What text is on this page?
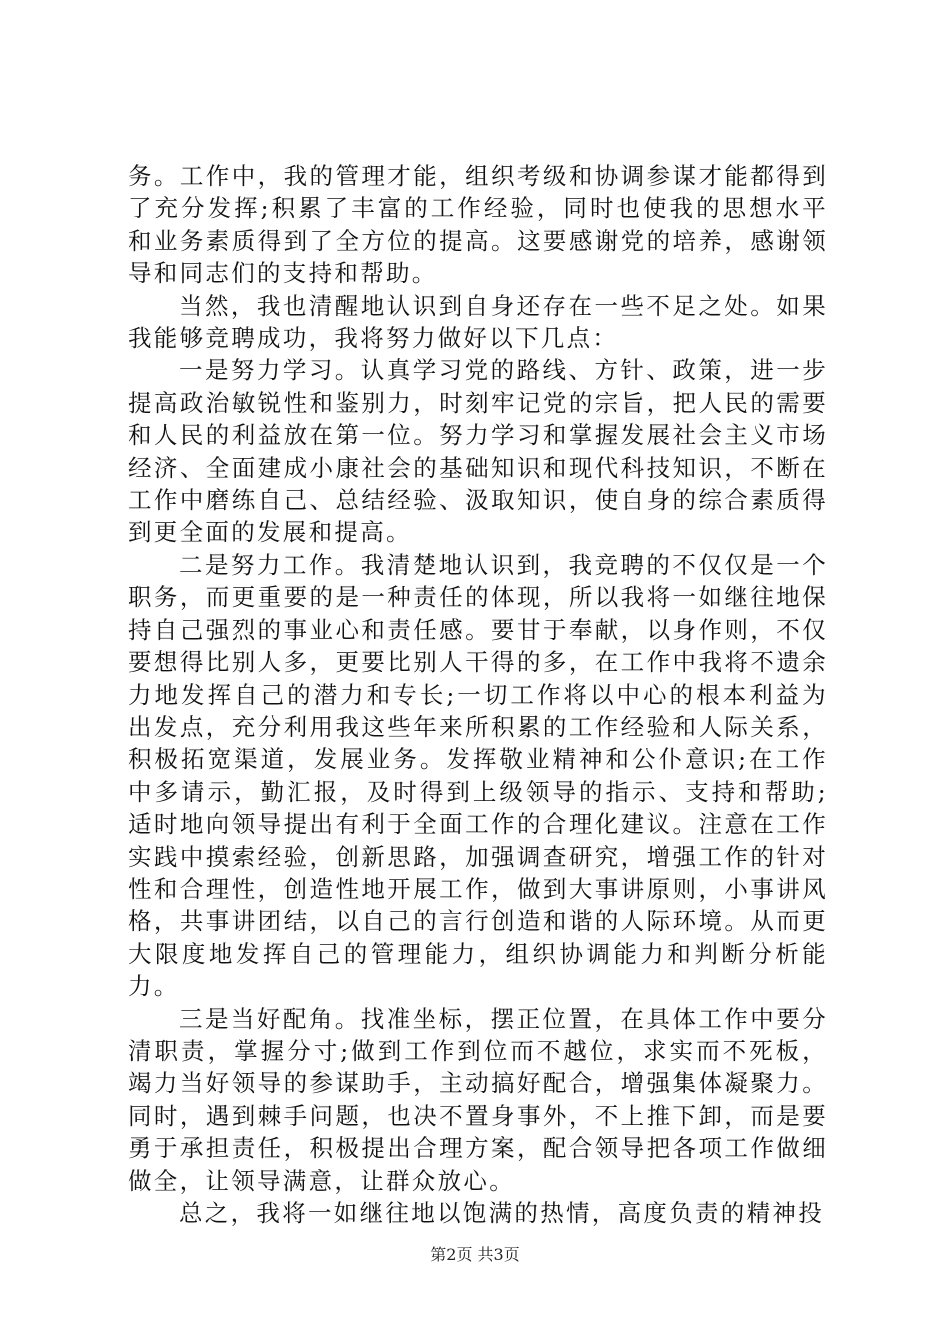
务。工作中，我的管理才能，组织考级和协调参谋才能都得到了充分发挥;积累了丰富的工作经验，同时也使我的思想水平和业务素质得到了全方位的提高。这要感谢党的培养，感谢领导和同志们的支持和帮助。

当然，我也清醒地认识到自身还存在一些不足之处。如果我能够竞聘成功，我将努力做好以下几点：

一是努力学习。认真学习党的路线、方针、政策，进一步提高政治敏锐性和鉴别力，时刻牢记党的宗旨，把人民的需要和人民的利益放在第一位。努力学习和掌握发展社会主义市场经济、全面建成小康社会的基础知识和现代科技知识，不断在工作中磨练自己、总结经验、汲取知识，使自身的综合素质得到更全面的发展和提高。

二是努力工作。我清楚地认识到，我竞聘的不仅仅是一个职务，而更重要的是一种责任的体现，所以我将一如继往地保持自己强烈的事业心和责任感。要甘于奉献，以身作则，不仅要想得比别人多，更要比别人干得的多，在工作中我将不遗余力地发挥自己的潜力和专长;一切工作将以中心的根本利益为出发点，充分利用我这些年来所积累的工作经验和人际关系，积极拓宽渠道，发展业务。发挥敬业精神和公仆意识;在工作中多请示，勤汇报，及时得到上级领导的指示、支持和帮助;适时地向领导提出有利于全面工作的合理化建议。注意在工作实践中摸索经验，创新思路，加强调查研究，增强工作的针对性和合理性，创造性地开展工作，做到大事讲原则，小事讲风格，共事讲团结，以自己的言行创造和谐的人际环境。从而更大限度地发挥自己的管理能力，组织协调能力和判断分析能力。

三是当好配角。找准坐标，摆正位置，在具体工作中要分清职责，掌握分寸;做到工作到位而不越位，求实而不死板，竭力当好领导的参谋助手，主动搞好配合，增强集体凝聚力。同时，遇到棘手问题，也决不置身事外，不上推下卸，而是要勇于承担责任，积极提出合理方案，配合领导把各项工作做细做全，让领导满意，让群众放心。

总之，我将一如继往地以饱满的热情，高度负责的精神投

第2页 共3页
